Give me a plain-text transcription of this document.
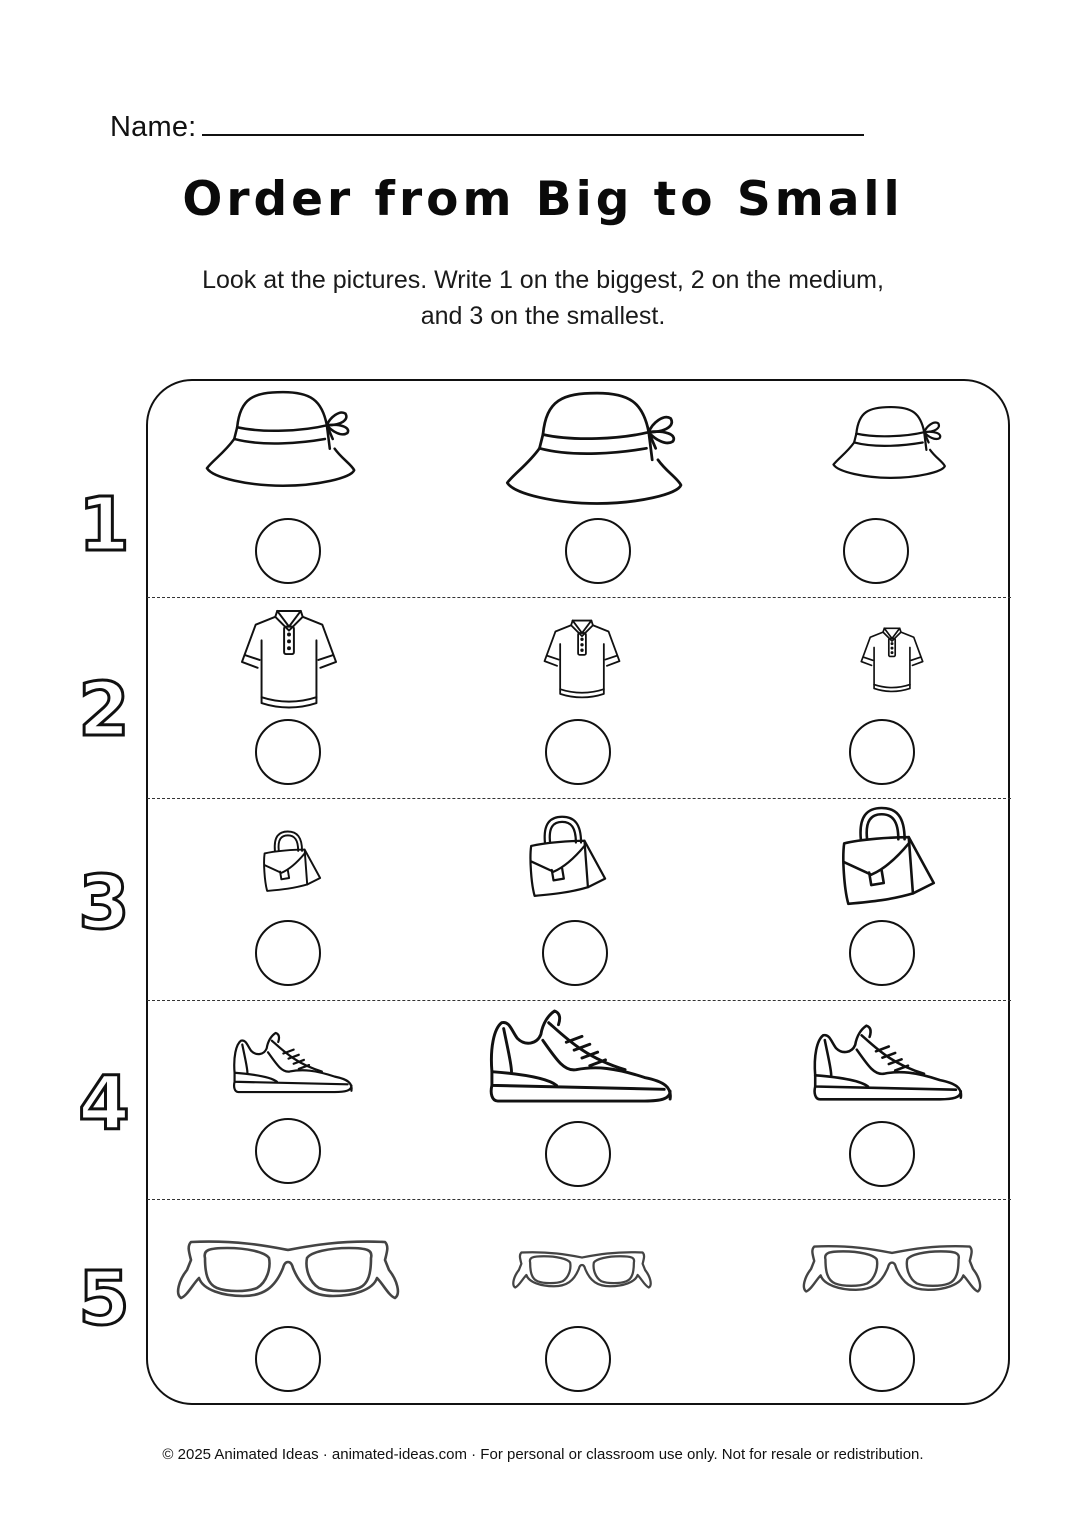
Name:
Order from Big to Small
Look at the pictures. Write 1 on the biggest, 2 on the medium,
and 3 on the smallest.
1
2
3
4
5
© 2025 Animated Ideas · animated-ideas.com · For personal or classroom use only. Not for resale or redistribution.
